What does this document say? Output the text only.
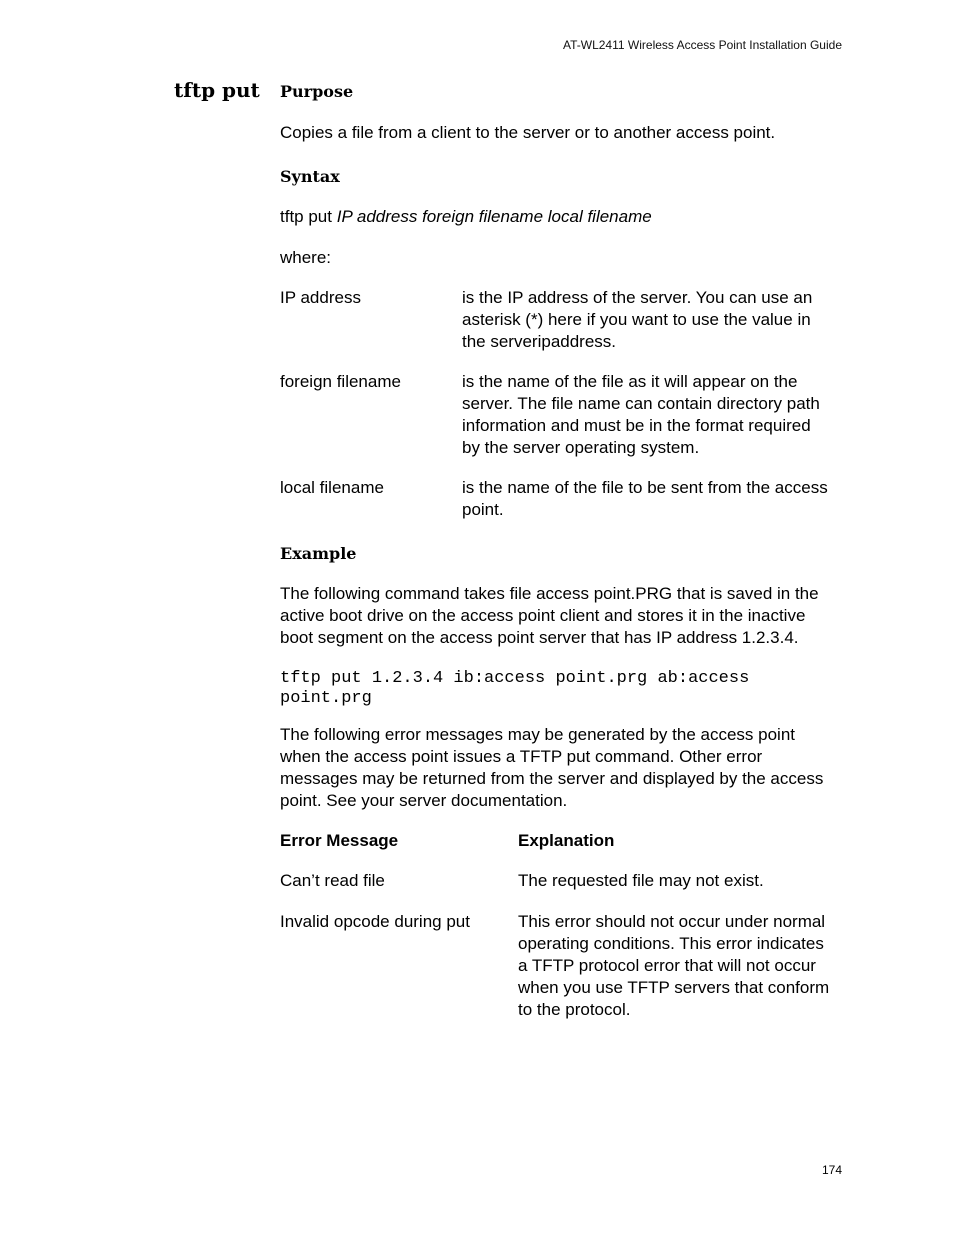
AT-WL2411 Wireless Access Point Installation Guide
tftp put Purpose
Copies a file from a client to the server or to another access point.
Syntax
tftp put IP address foreign filename local filename
where:
IP address	is the IP address of the server. You can use an
asterisk (*) here if you want to use the value in
the serveripaddress.
foreign filename	is the name of the file as it will appear on the
server. The file name can contain directory path
information and must be in the format required
by the server operating system.
local filename	is the name of the file to be sent from the access
point.
Example
The following command takes file access point.PRG that is saved in the
active boot drive on the access point client and stores it in the inactive
boot segment on the access point server that has IP address 1.2.3.4.
tftp put 1.2.3.4 ib:access point.prg ab:access
point.prg
The following error messages may be generated by the access point
when the access point issues a TFTP put command. Other error
messages may be returned from the server and displayed by the access
point. See your server documentation.
Error Message	Explanation
Can’t read file	The requested file may not exist.
Invalid opcode during put	This error should not occur under normal
operating conditions. This error indicates
a TFTP protocol error that will not occur
when you use TFTP servers that conform
to the protocol.
174
